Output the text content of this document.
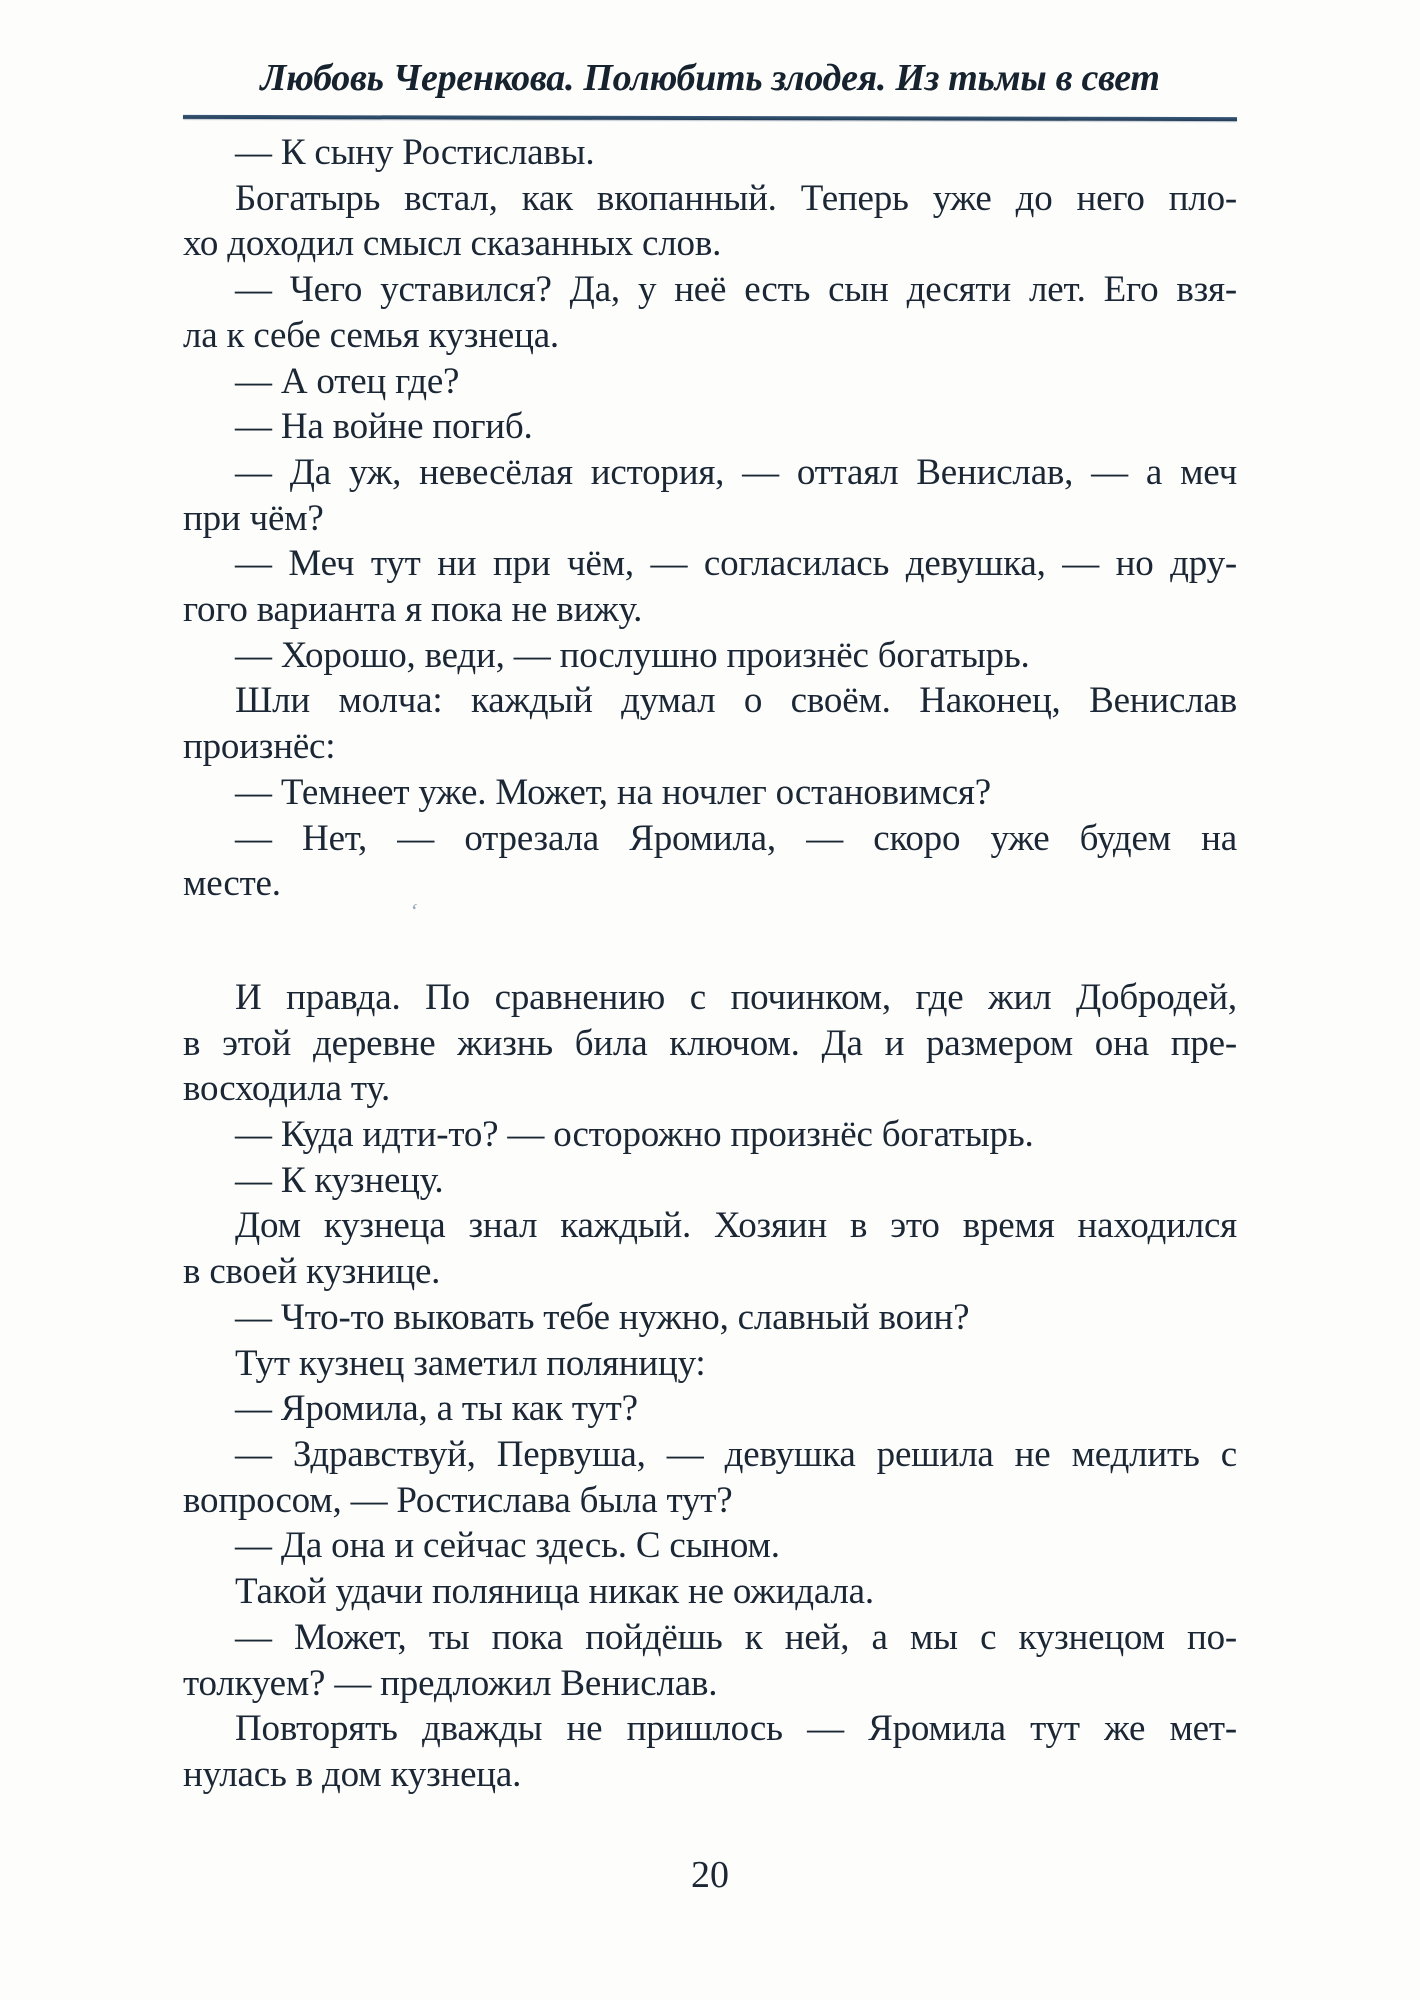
Любовь Черенкова. Полюбить злодея. Из тьмы в свет
— К сыну Ростиславы.
Богатырь встал, как вкопанный. Теперь уже до него пло-
хо доходил смысл сказанных слов.
— Чего уставился? Да, у неё есть сын десяти лет. Его взя-
ла к себе семья кузнеца.
— А отец где?
— На войне погиб.
— Да уж, невесёлая история, — оттаял Венислав, — а меч
при чём?
— Меч тут ни при чём, — согласилась девушка, — но дру-
гого варианта я пока не вижу.
— Хорошо, веди, — послушно произнёс богатырь.
Шли молча: каждый думал о своём. Наконец, Венислав
произнёс:
— Темнеет уже. Может, на ночлег остановимся?
— Нет, — отрезала Яромила, — скоро уже будем на
месте.
И правда. По сравнению с починком, где жил Добродей,
в этой деревне жизнь била ключом. Да и размером она пре-
восходила ту.
— Куда идти-то? — осторожно произнёс богатырь.
— К кузнецу.
Дом кузнеца знал каждый. Хозяин в это время находился
в своей кузнице.
— Что-то выковать тебе нужно, славный воин?
Тут кузнец заметил поляницу:
— Яромила, а ты как тут?
— Здравствуй, Первуша, — девушка решила не медлить с
вопросом, — Ростислава была тут?
— Да она и сейчас здесь. С сыном.
Такой удачи поляница никак не ожидала.
— Может, ты пока пойдёшь к ней, а мы с кузнецом по-
толкуем? — предложил Венислав.
Повторять дважды не пришлось — Яромила тут же мет-
нулась в дом кузнеца.
20
ʻ
